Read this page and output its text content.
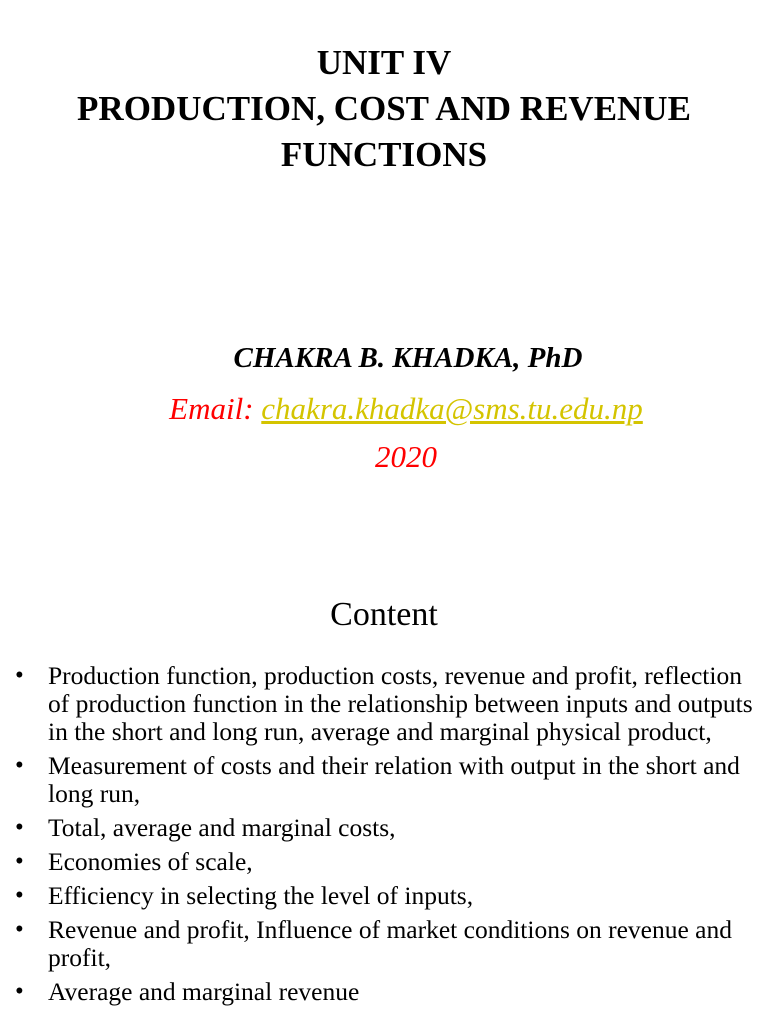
UNIT IV
PRODUCTION, COST AND REVENUE
FUNCTIONS
CHAKRA B. KHADKA, PhD
Email: chakra.khadka@sms.tu.edu.np
2020
Content
• Production function, production costs, revenue and profit, reflection of production function in the relationship between inputs and outputs in the short and long run, average and marginal physical product,
• Measurement of costs and their relation with output in the short and long run,
• Total, average and marginal costs,
• Economies of scale,
• Efficiency in selecting the level of inputs,
• Revenue and profit, Influence of market conditions on revenue and profit,
• Average and marginal revenue
